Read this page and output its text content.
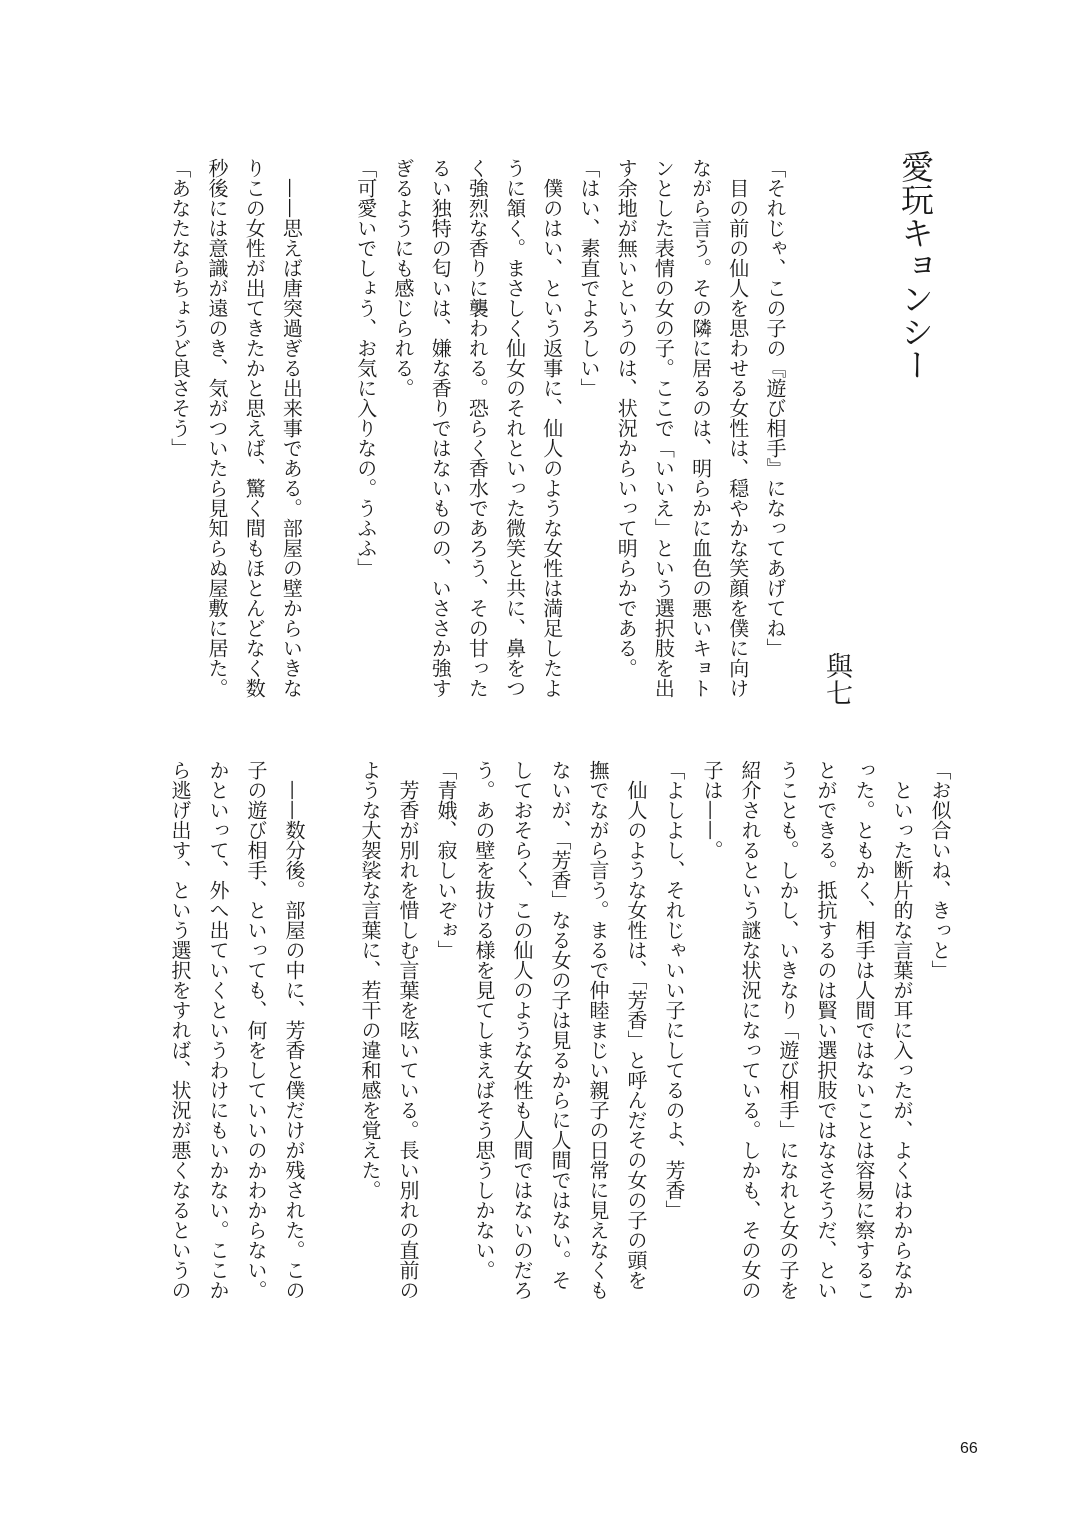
愛玩キョンシー
與七
「それじゃ、この子の『遊び相手』になってあげてね」
目の前の仙人を思わせる女性は、穏やかな笑顔を僕に向け
ながら言う。その隣に居るのは、明らかに血色の悪いキョト
ンとした表情の女の子。ここで「いいえ」という選択肢を出
す余地が無いというのは、状況からいって明らかである。
「はい、素直でよろしい」
僕のはい、という返事に、仙人のような女性は満足したよ
うに頷く。まさしく仙女のそれといった微笑と共に、鼻をつ
く強烈な香りに襲われる。恐らく香水であろう、その甘った
るい独特の匂いは、嫌な香りではないものの、いささか強す
ぎるようにも感じられる。
「可愛いでしょう、お気に入りなの。うふふ」
——思えば唐突過ぎる出来事である。部屋の壁からいきな
りこの女性が出てきたかと思えば、驚く間もほとんどなく数
秒後には意識が遠のき、気がついたら見知らぬ屋敷に居た。
「あなたならちょうど良さそう」
「お似合いね、きっと」
といった断片的な言葉が耳に入ったが、よくはわからなか
った。ともかく、相手は人間ではないことは容易に察するこ
とができる。抵抗するのは賢い選択肢ではなさそうだ、とい
うことも。しかし、いきなり「遊び相手」になれと女の子を
紹介されるという謎な状況になっている。しかも、その女の
子は——。
「よしよし、それじゃいい子にしてるのよ、芳香」
仙人のような女性は、「芳香」と呼んだその女の子の頭を
撫でながら言う。まるで仲睦まじい親子の日常に見えなくも
ないが、「芳香」なる女の子は見るからに人間ではない。そ
しておそらく、この仙人のような女性も人間ではないのだろ
う。あの壁を抜ける様を見てしまえばそう思うしかない。
「青娥、寂しいぞぉ」
芳香が別れを惜しむ言葉を呟いている。長い別れの直前の
ような大袈裟な言葉に、若干の違和感を覚えた。
——数分後。部屋の中に、芳香と僕だけが残された。この
子の遊び相手、といっても、何をしていいのかわからない。
かといって、外へ出ていくというわけにもいかない。ここか
ら逃げ出す、という選択をすれば、状況が悪くなるというの
66
